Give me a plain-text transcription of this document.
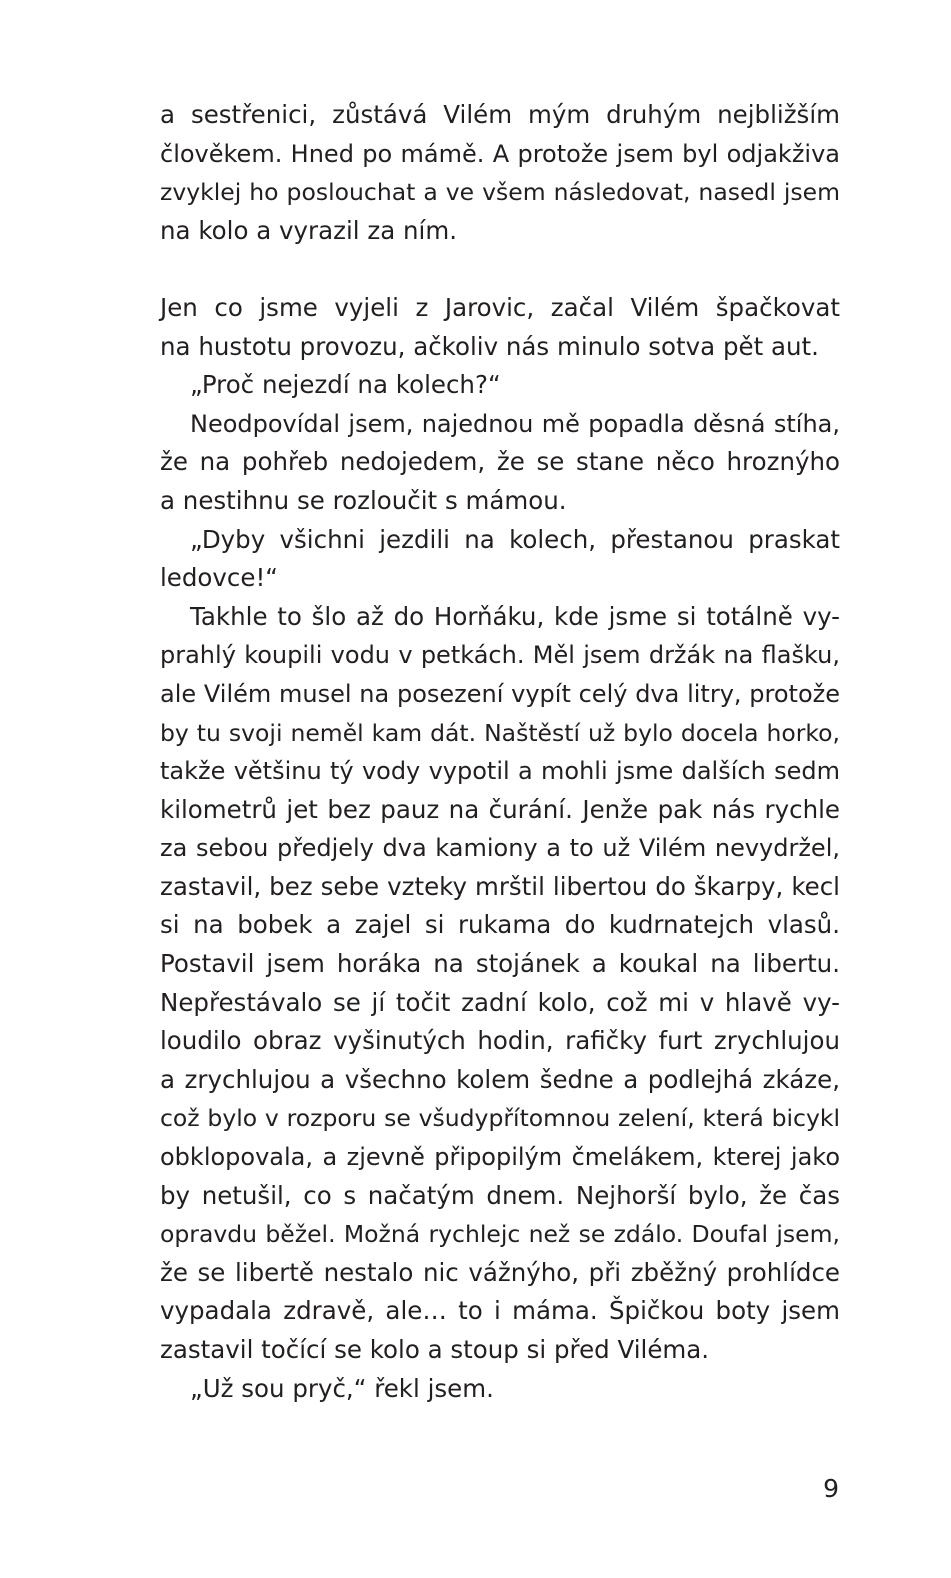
a sestřenici, zůstává Vilém mým druhým nejbližším
člověkem. Hned po mámě. A protože jsem byl odjakživa
zvyklej ho poslouchat a ve všem následovat, nasedl jsem
na kolo a vyrazil za ním.
Jen co jsme vyjeli z Jarovic, začal Vilém špačkovat
na hustotu provozu, ačkoliv nás minulo sotva pět aut.
„Proč nejezdí na kolech?“
Neodpovídal jsem, najednou mě popadla děsná stíha,
že na pohřeb nedojedem, že se stane něco hroznýho
a nestihnu se rozloučit s mámou.
„Dyby všichni jezdili na kolech, přestanou praskat
ledovce!“
Takhle to šlo až do Horňáku, kde jsme si totálně vy-
prahlý koupili vodu v petkách. Měl jsem držák na flašku,
ale Vilém musel na posezení vypít celý dva litry, protože
by tu svoji neměl kam dát. Naštěstí už bylo docela horko,
takže většinu tý vody vypotil a mohli jsme dalších sedm
kilometrů jet bez pauz na čurání. Jenže pak nás rychle
za sebou předjely dva kamiony a to už Vilém nevydržel,
zastavil, bez sebe vzteky mrštil libertou do škarpy, kecl
si na bobek a zajel si rukama do kudrnatejch vlasů.
Postavil jsem horáka na stojánek a koukal na libertu.
Nepřestávalo se jí točit zadní kolo, což mi v hlavě vy-
loudilo obraz vyšinutých hodin, rafičky furt zrychlujou
a zrychlujou a všechno kolem šedne a podlejhá zkáze,
což bylo v rozporu se všudypřítomnou zelení, která bicykl
obklopovala, a zjevně připopilým čmelákem, kterej jako
by netušil, co s načatým dnem. Nejhorší bylo, že čas
opravdu běžel. Možná rychlejc než se zdálo. Doufal jsem,
že se libertě nestalo nic vážnýho, při zběžný prohlídce
vypadala zdravě, ale… to i máma. Špičkou boty jsem
zastavil točící se kolo a stoup si před Viléma.
„Už sou pryč,“ řekl jsem.
9
